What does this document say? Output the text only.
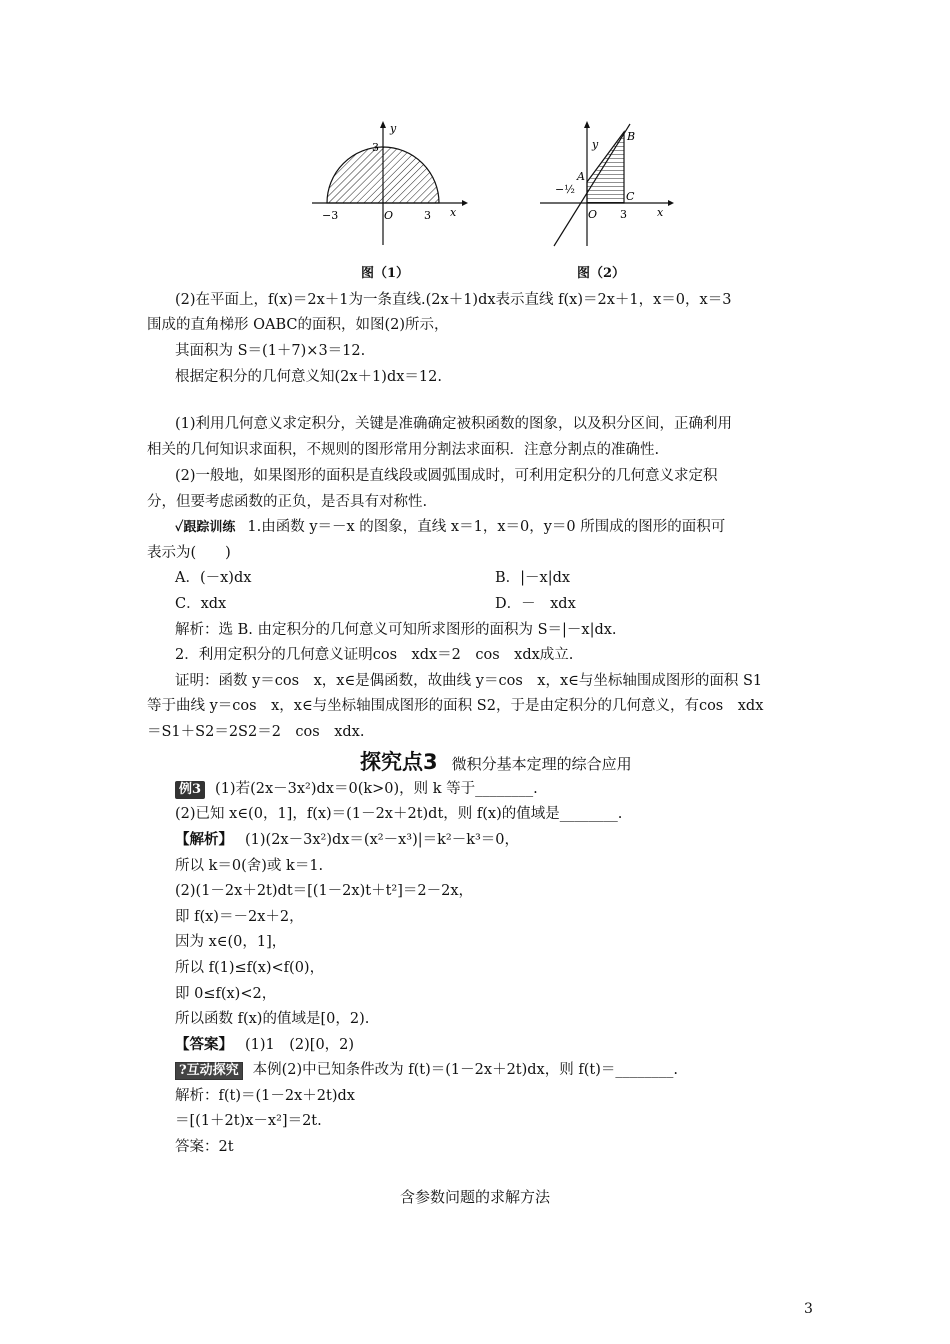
y
3
−3	O	3 x
图（1）
y
B
A
−½
C
O 3	x
图（2）
(2)在平面上，f(x)＝2x＋1为一条直线.(2x＋1)dx表示直线 f(x)＝2x＋1，x＝0，x＝3
围成的直角梯形 OABC的面积，如图(2)所示，
其面积为 S＝(1＋7)×3＝12.
根据定积分的几何意义知(2x＋1)dx＝12.
(1)利用几何意义求定积分，关键是准确确定被积函数的图象，以及积分区间，正确利用
相关的几何知识求面积，不规则的图形常用分割法求面积．注意分割点的准确性.
(2)一般地，如果图形的面积是直线段或圆弧围成时，可利用定积分的几何意义求定积
分，但要考虑函数的正负，是否具有对称性.
✓跟踪训练 1.由函数 y＝－x 的图象，直线 x＝1，x＝0，y＝0 所围成的图形的面积可
表示为(　　)
A．(－x)dx	B．|－x|dx
C．xdx	D．－　xdx
解析：选 B. 由定积分的几何意义可知所求图形的面积为 S＝|－x|dx.
2．利用定积分的几何意义证明cos　xdx＝2　cos　xdx成立.
证明：函数 y＝cos　x，x∈是偶函数，故曲线 y＝cos　x，x∈与坐标轴围成图形的面积 S1
等于曲线 y＝cos　x，x∈与坐标轴围成图形的面积 S2，于是由定积分的几何意义，有cos　xdx
＝S1＋S2＝2S2＝2　cos　xdx.
探究点3 微积分基本定理的综合应用
例3 (1)若(2x－3x²)dx＝0(k>0)，则 k 等于________.
(2)已知 x∈(0，1]，f(x)＝(1－2x＋2t)dt，则 f(x)的值域是________.
【解析】 (1)(2x－3x²)dx＝(x²－x³)|＝k²－k³＝0，
所以 k＝0(舍)或 k＝1.
(2)(1－2x＋2t)dt＝[(1－2x)t＋t²]＝2－2x，
即 f(x)＝－2x＋2，
因为 x∈(0，1]，
所以 f(1)≤f(x)<f(0)，
即 0≤f(x)<2，
所以函数 f(x)的值域是[0，2).
【答案】 (1)1　(2)[0，2)
?互动探究 本例(2)中已知条件改为 f(t)＝(1－2x＋2t)dx，则 f(t)＝________.
解析：f(t)＝(1－2x＋2t)dx
＝[(1＋2t)x－x²]＝2t.
答案：2t
含参数问题的求解方法
3
